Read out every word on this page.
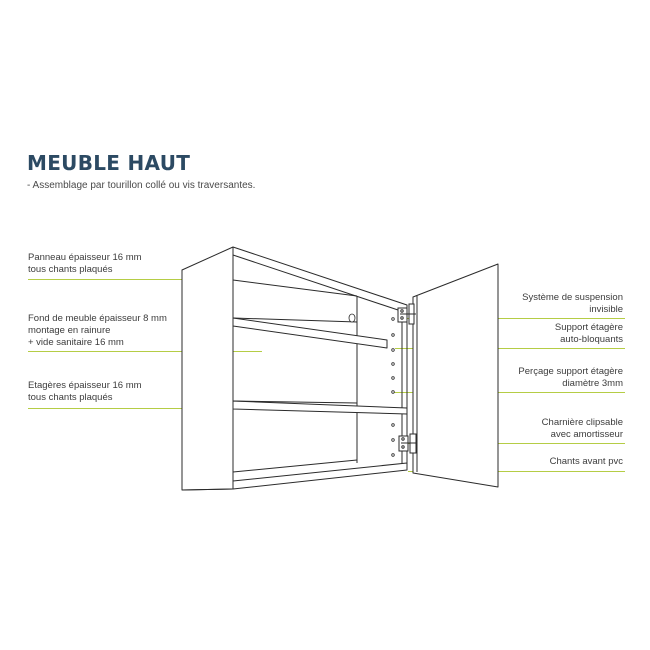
MEUBLE HAUT
- Assemblage par tourillon collé ou vis traversantes.
Panneau épaisseur 16 mm
tous chants plaqués
Fond de meuble épaisseur 8 mm
montage en rainure
+ vide sanitaire 16 mm
Etagères épaisseur 16 mm
tous chants plaqués
Système de suspension
invisible
Support étagère
auto-bloquants
Perçage support étagère
diamètre 3mm
Charnière clipsable
avec amortisseur
Chants avant pvc
